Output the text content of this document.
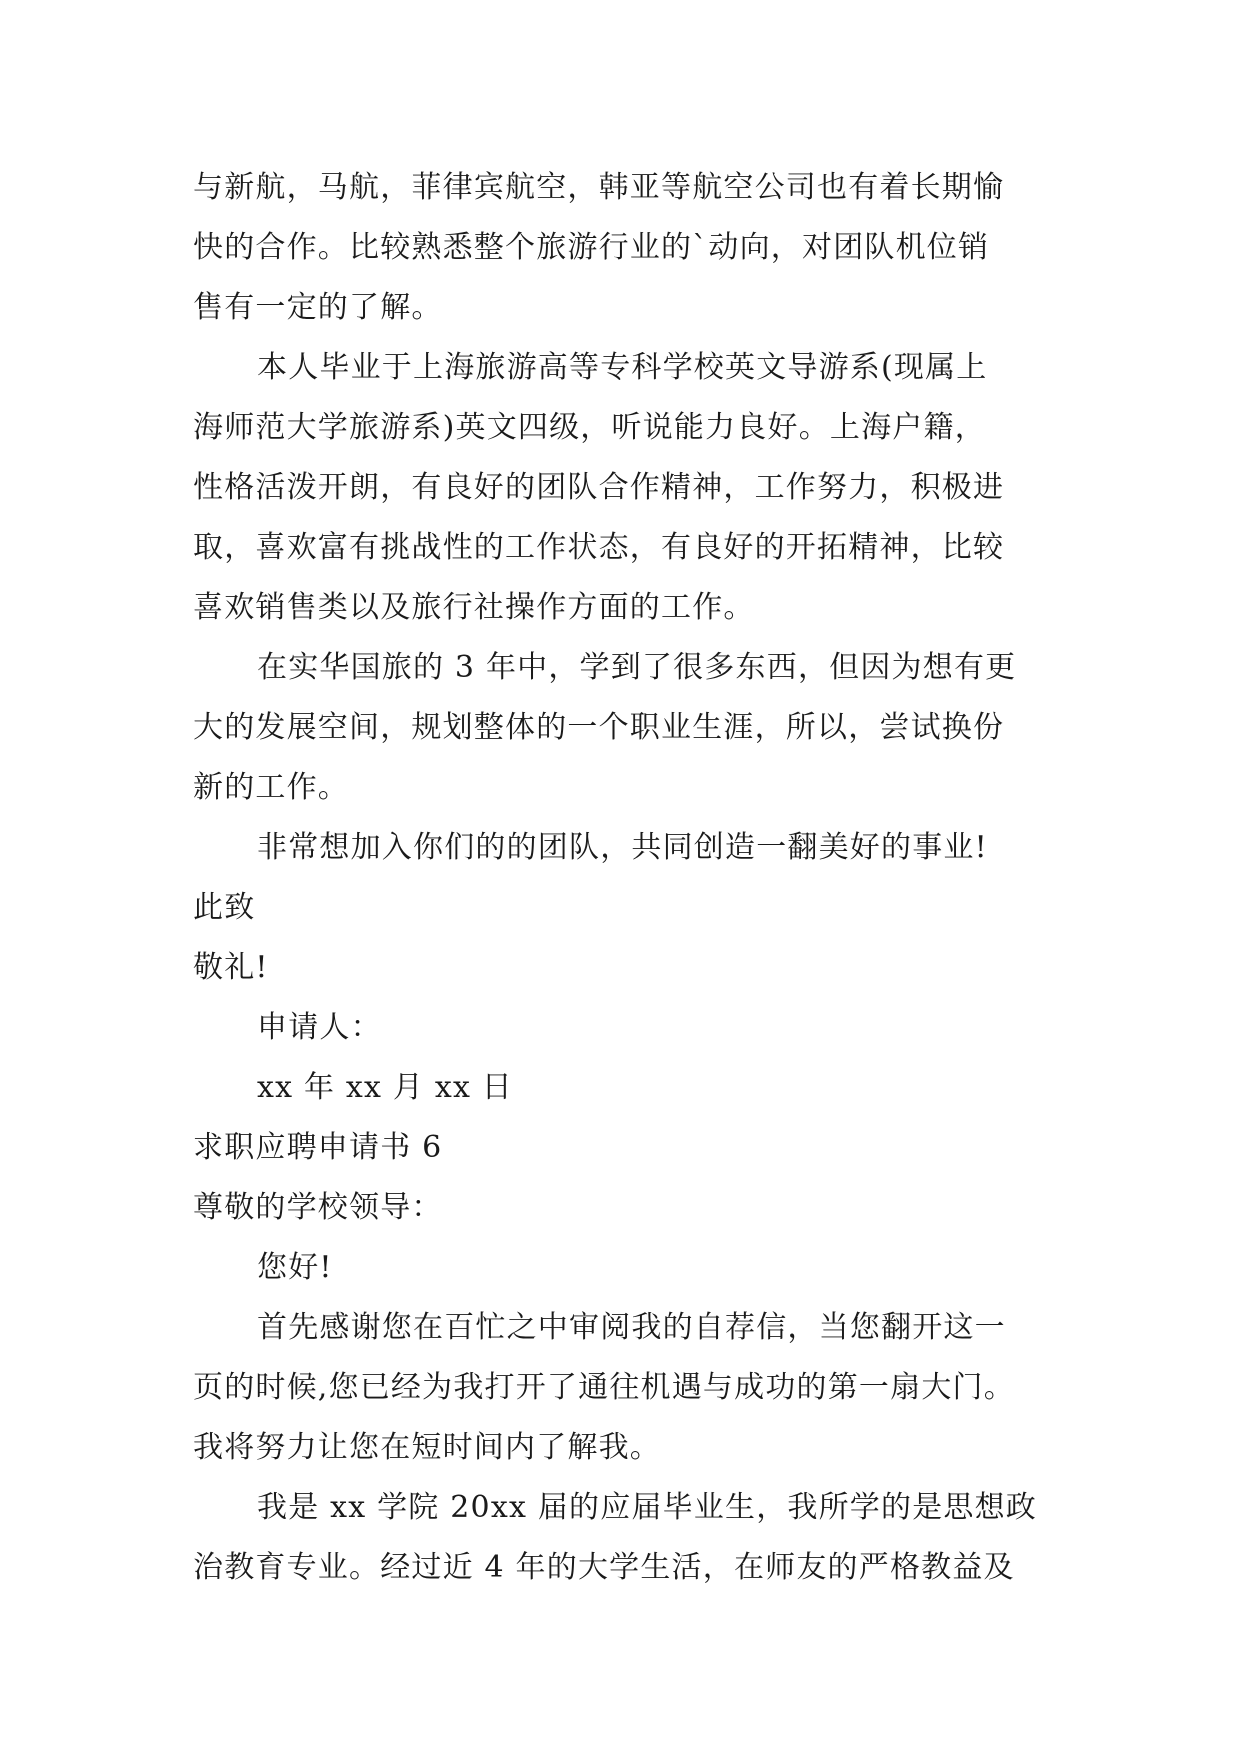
与新航，马航，菲律宾航空，韩亚等航空公司也有着长期愉
快的合作。比较熟悉整个旅游行业的`动向，对团队机位销
售有一定的了解。
本人毕业于上海旅游高等专科学校英文导游系(现属上
海师范大学旅游系)英文四级，听说能力良好。上海户籍，
性格活泼开朗，有良好的团队合作精神，工作努力，积极进
取，喜欢富有挑战性的工作状态，有良好的开拓精神，比较
喜欢销售类以及旅行社操作方面的工作。
在实华国旅的 3 年中，学到了很多东西，但因为想有更
大的发展空间，规划整体的一个职业生涯，所以，尝试换份
新的工作。
非常想加入你们的的团队，共同创造一翻美好的事业!
此致
敬礼!
申请人：
xx 年 xx 月 xx 日
求职应聘申请书 6
尊敬的学校领导：
您好!
首先感谢您在百忙之中审阅我的自荐信，当您翻开这一
页的时候,您已经为我打开了通往机遇与成功的第一扇大门。
我将努力让您在短时间内了解我。
我是 xx 学院 20xx 届的应届毕业生，我所学的是思想政
治教育专业。经过近 4 年的大学生活，在师友的严格教益及
